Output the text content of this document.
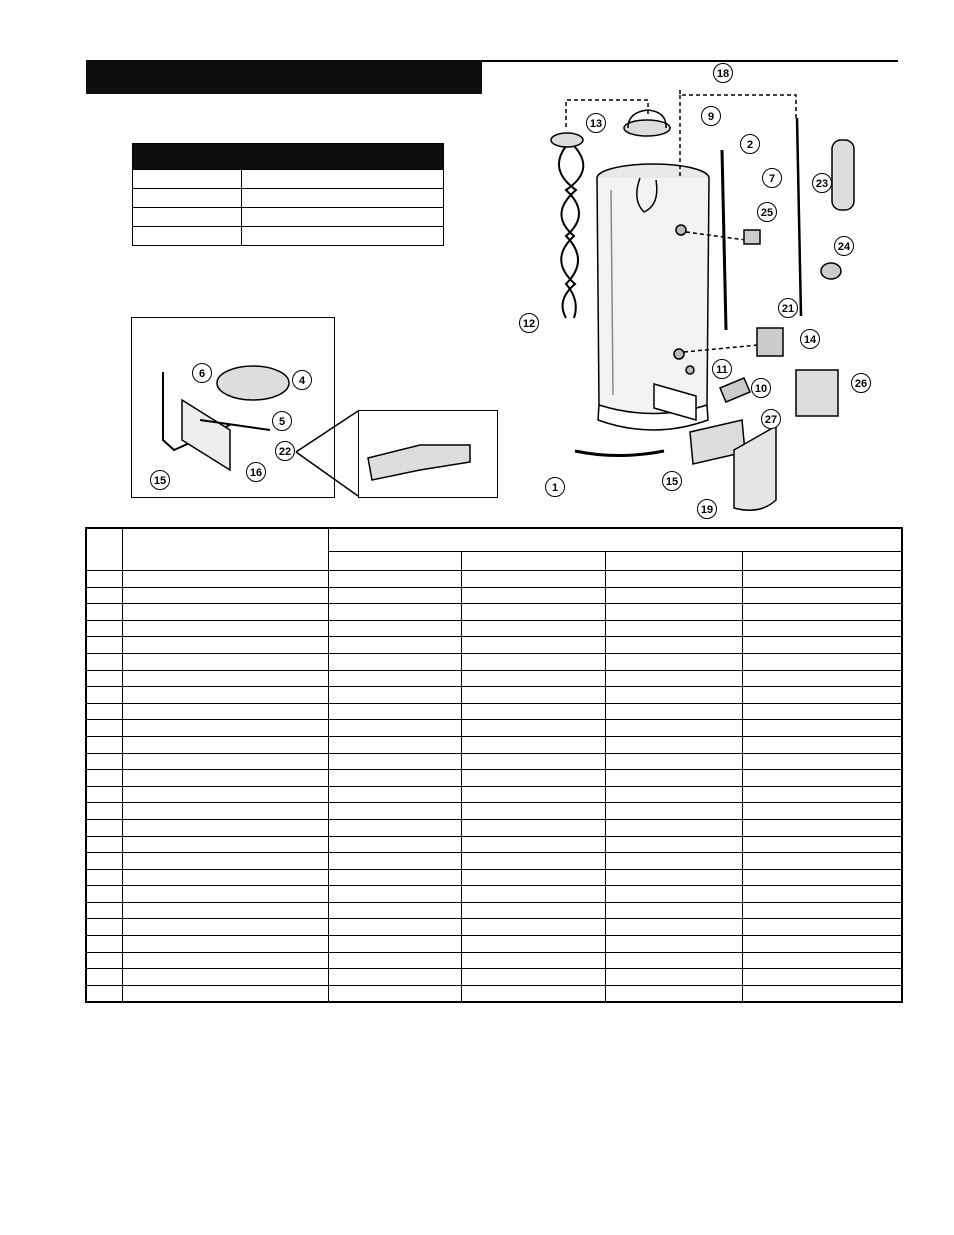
1
2
4
5
6
7
9
10
11
12
13
14
15	15
16
18
19
21
22
23
24
25
26
27
